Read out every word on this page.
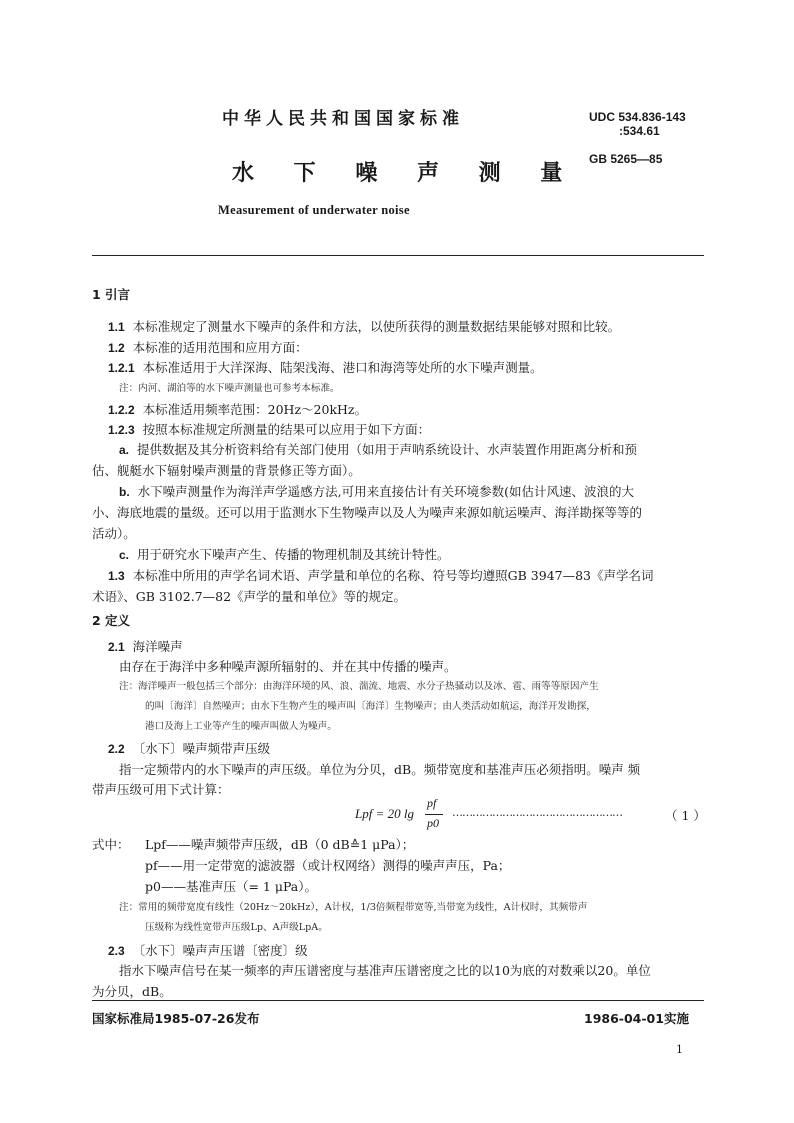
中华人民共和国国家标准	UDC 534.836-143
:534.61
水 下 噪 声 测 量
GB 5265—85
Measurement of underwater noise
1 引言
1.1 本标准规定了测量水下噪声的条件和方法，以使所获得的测量数据结果能够对照和比较。
1.2 本标准的适用范围和应用方面：
1.2.1 本标准适用于大洋深海、陆架浅海、港口和海湾等处所的水下噪声测量。
注：内河、湖泊等的水下噪声测量也可参考本标准。
1.2.2 本标准适用频率范围：20Hz～20kHz。
1.2.3 按照本标准规定所测量的结果可以应用于如下方面：
a. 提供数据及其分析资料给有关部门使用（如用于声呐系统设计、水声装置作用距离分析和预
估、舰艇水下辐射噪声测量的背景修正等方面）。
b. 水下噪声测量作为海洋声学遥感方法,可用来直接估计有关环境参数(如估计风速、波浪的大
小、海底地震的量级。还可以用于监测水下生物噪声以及人为噪声来源如航运噪声、海洋勘探等等的
活动）。
c. 用于研究水下噪声产生、传播的物理机制及其统计特性。
1.3 本标准中所用的声学名词术语、声学量和单位的名称、符号等均遵照GB 3947—83《声学名词
术语》、GB 3102.7—82《声学的量和单位》等的规定。
2 定义
2.1 海洋噪声
由存在于海洋中多种噪声源所辐射的、并在其中传播的噪声。
注：海洋噪声一般包括三个部分：由海洋环境的风、浪、湍流、地震、水分子热骚动以及冰、雹、雨等等原因产生
的叫〔海洋〕自然噪声；由水下生物产生的噪声叫〔海洋〕生物噪声；由人类活动如航运，海洋开发勘探，
港口及海上工业等产生的噪声叫做人为噪声。
2.2 〔水下〕噪声频带声压级
指一定频带内的水下噪声的声压级。单位为分贝，dB。频带宽度和基准声压必须指明。噪声 频
带声压级可用下式计算：
Lpf = 20 lg
pf
p0
……………………………………………	（ 1 ）
式中： Lpf——噪声频带声压级，dB（0 dB≙1 μPa）；
pf——用一定带宽的滤波器（或计权网络）测得的噪声声压，Pa；
p0——基准声压（= 1 μPa）。
注：常用的频带宽度有线性（20Hz～20kHz），A计权，1/3倍频程带宽等,当带宽为线性，A计权时，其频带声
压级称为线性宽带声压级Lp、A声级LpA。
2.3 〔水下〕噪声声压谱〔密度〕级
指水下噪声信号在某一频率的声压谱密度与基准声压谱密度之比的以10为底的对数乘以20。单位
为分贝，dB。
国家标准局1985-07-26发布	1986-04-01实施
1
